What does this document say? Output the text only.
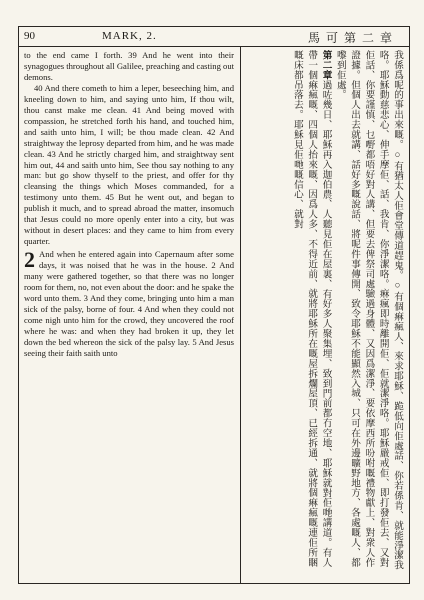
90	MARK, 2.	馬可第二章

to the end came I forth. 39 And he went into their synagogues throughout all Galilee, preaching and casting out demons.

40 And there cometh to him a leper, beseeching him, and kneeling down to him, and saying unto him, If thou wilt, thou canst make me clean. 41 And being moved with compassion, he stretched forth his hand, and touched him, and saith unto him, I will; be thou made clean. 42 And straightway the leprosy departed from him, and he was made clean. 43 And he strictly charged him, and straightway sent him out, 44 and saith unto him, See thou say nothing to any man: but go show thyself to the priest, and offer for thy cleansing the things which Moses commanded, for a testimony unto them. 45 But he went out, and began to publish it much, and to spread abroad the matter, insomuch that Jesus could no more openly enter into a city, but was without in desert places: and they came to him from every quarter.

2 And when he entered again into Capernaum after some days, it was noised that he was in the house. 2 And many were gathered together, so that there was no longer room for them, no, not even about the door: and he spake the word unto them. 3 And they come, bringing unto him a man sick of the palsy, borne of four. 4 And when they could not come nigh unto him for the crowd, they uncovered the roof where he was: and when they had broken it up, they let down the bed whereon the sick of the palsy lay. 5 And Jesus seeing their faith saith unto	我係爲呢的事出來嘅。○有猶太人佢會堂傳道趕鬼。○有個痳瘋人、來求耶穌、跪低向佢處話、你若係肯、就能淨潔我咯。耶穌動慈悲心、伸手摩佢、話、我肯、你淨潔咯。痳瘋即時離開佢、佢就潔淨咯。耶穌嚴戒佢、即打發佢去、又對佢話、你要謹慎、乜嘢都唔好對人講、但要去俾祭司處驗過身體、又因爲潔淨、要依摩西所吩咐嘅禮物獻上、對衆人作證據。但個人出去就講、話好多嘅說話、將呢件事傳開、致令耶穌不能顯然入城、只可在外邊曠野地方、各處嘅人、都嚟到佢處。

第二章過咗幾日、耶穌再入迦伯農、人聽見佢在屋裏、有好多人聚集埋、致到門前都冇空地、耶穌就對佢哋講道。有人帶一個痳瘋嘅、四個人抬來嘅、因爲人多、不得近前、就將耶穌所在嘅屋拆爛屋頂、已經拆通、就將個痳瘋嘅連佢所睏嘅床都吊落去。耶穌見佢哋嘅信心、就對
